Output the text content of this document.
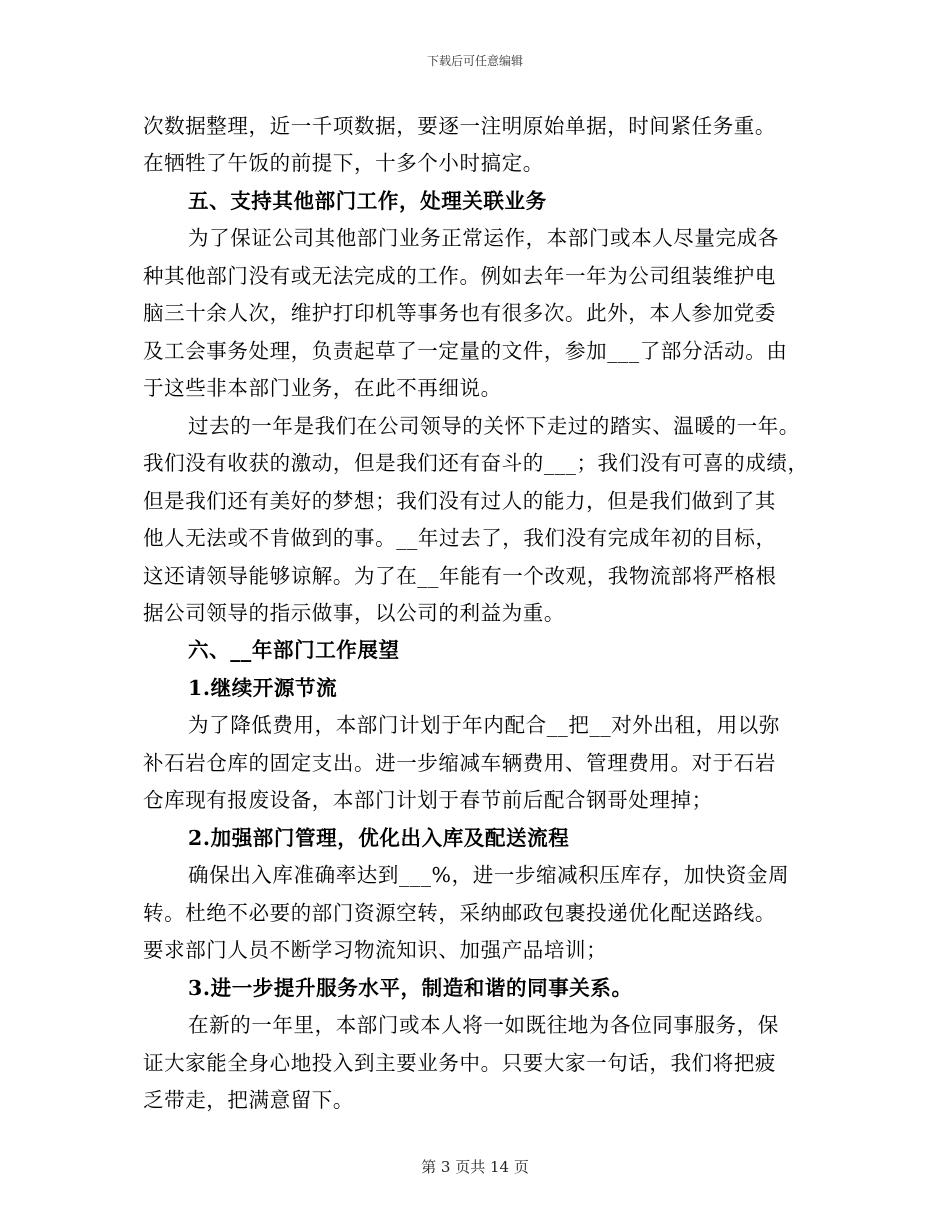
下载后可任意编辑
次数据整理，近一千项数据，要逐一注明原始单据，时间紧任务重。
在牺牲了午饭的前提下，十多个小时搞定。
五、支持其他部门工作，处理关联业务
为了保证公司其他部门业务正常运作，本部门或本人尽量完成各
种其他部门没有或无法完成的工作。例如去年一年为公司组装维护电
脑三十余人次，维护打印机等事务也有很多次。此外，本人参加党委
及工会事务处理，负责起草了一定量的文件，参加___了部分活动。由
于这些非本部门业务，在此不再细说。
过去的一年是我们在公司领导的关怀下走过的踏实、温暖的一年。
我们没有收获的激动，但是我们还有奋斗的___；我们没有可喜的成绩，
但是我们还有美好的梦想；我们没有过人的能力，但是我们做到了其
他人无法或不肯做到的事。__年过去了，我们没有完成年初的目标，
这还请领导能够谅解。为了在__年能有一个改观，我物流部将严格根
据公司领导的指示做事，以公司的利益为重。
六、__年部门工作展望
1.继续开源节流
为了降低费用，本部门计划于年内配合__把__对外出租，用以弥
补石岩仓库的固定支出。进一步缩减车辆费用、管理费用。对于石岩
仓库现有报废设备，本部门计划于春节前后配合钢哥处理掉；
2.加强部门管理，优化出入库及配送流程
确保出入库准确率达到___%，进一步缩减积压库存，加快资金周
转。杜绝不必要的部门资源空转，采纳邮政包裹投递优化配送路线。
要求部门人员不断学习物流知识、加强产品培训；
3.进一步提升服务水平，制造和谐的同事关系。
在新的一年里，本部门或本人将一如既往地为各位同事服务，保
证大家能全身心地投入到主要业务中。只要大家一句话，我们将把疲
乏带走，把满意留下。
第 3 页共 14 页
